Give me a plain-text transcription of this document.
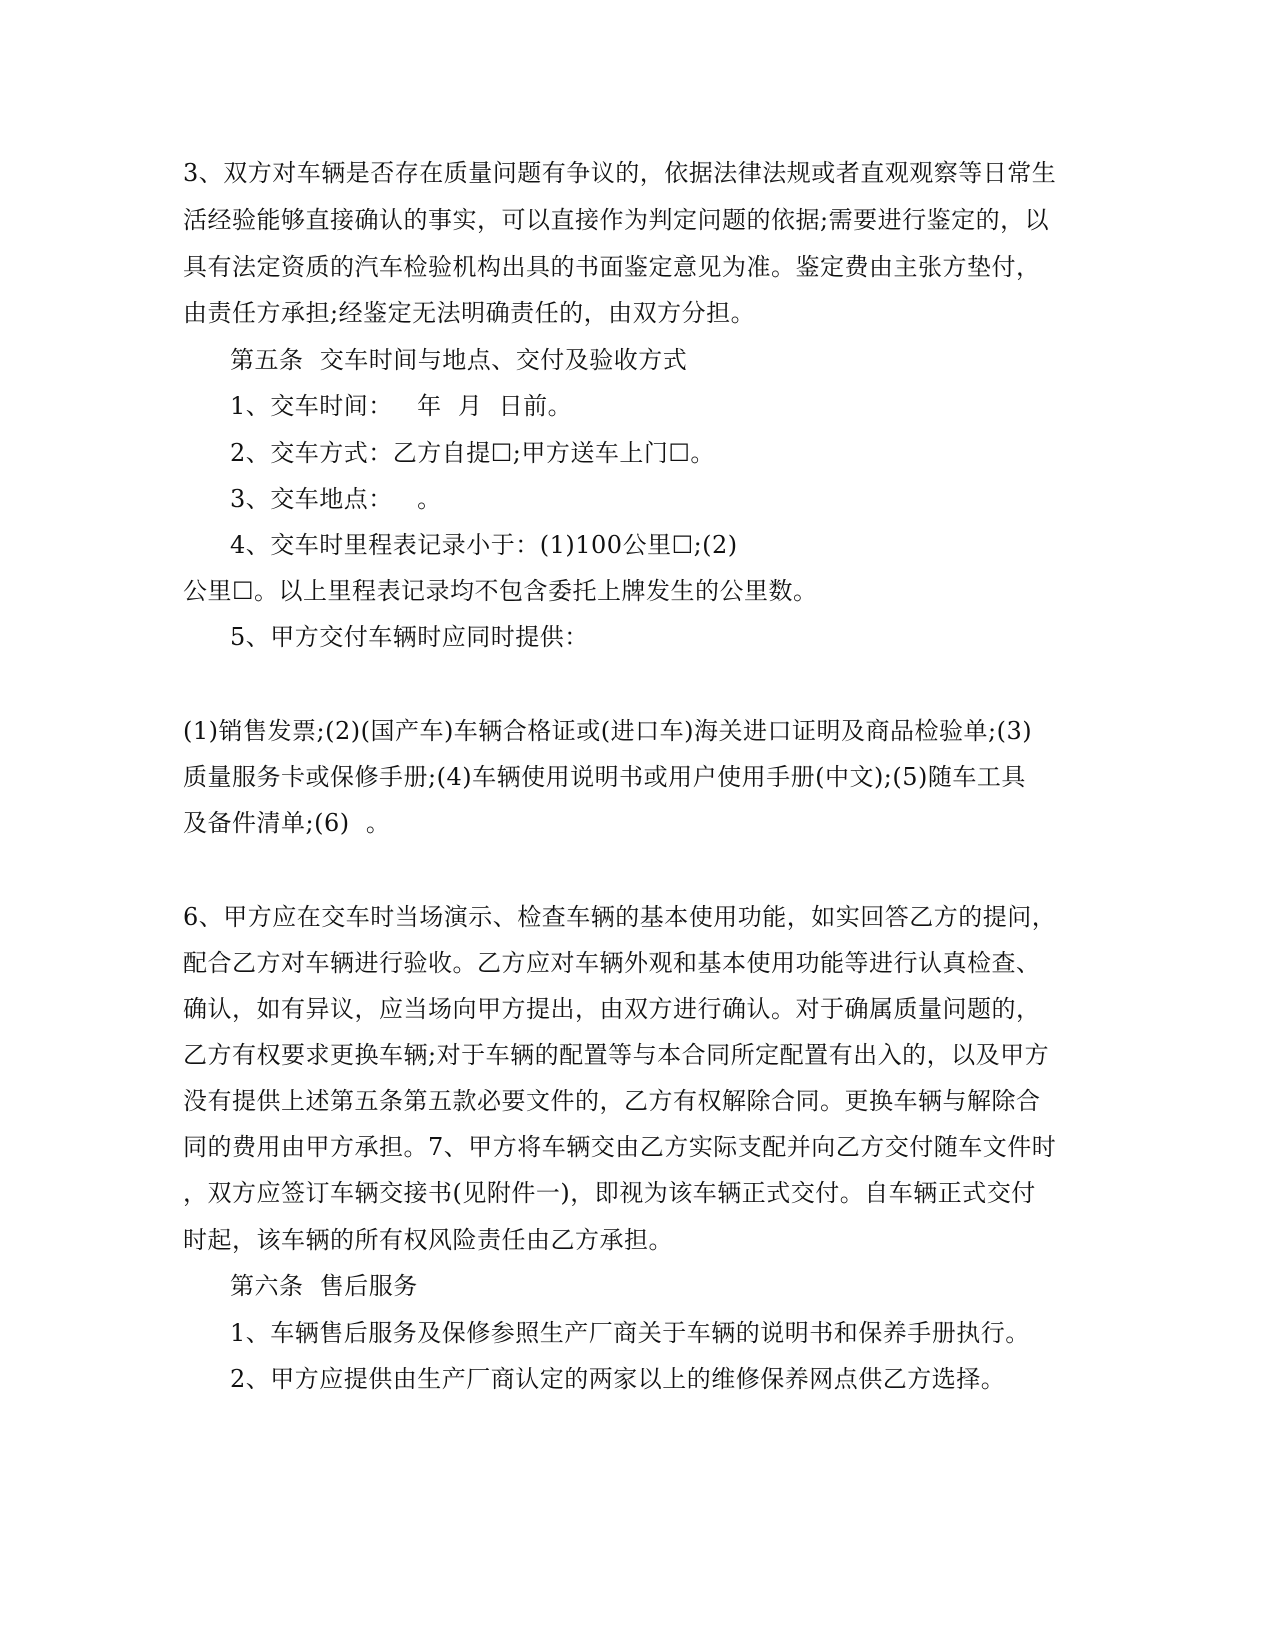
3、双方对车辆是否存在质量问题有争议的，依据法律法规或者直观观察等日常生
活经验能够直接确认的事实，可以直接作为判定问题的依据;需要进行鉴定的，以
具有法定资质的汽车检验机构出具的书面鉴定意见为准。鉴定费由主张方垫付，
由责任方承担;经鉴定无法明确责任的，由双方分担。
第五条  交车时间与地点、交付及验收方式
1、交车时间：   年  月  日前。
2、交车方式：乙方自提☐;甲方送车上门☐。
3、交车地点：   。
4、交车时里程表记录小于：(1)100公里☐;(2)
公里☐。以上里程表记录均不包含委托上牌发生的公里数。
5、甲方交付车辆时应同时提供：
(1)销售发票;(2)(国产车)车辆合格证或(进口车)海关进口证明及商品检验单;(3)
质量服务卡或保修手册;(4)车辆使用说明书或用户使用手册(中文);(5)随车工具
及备件清单;(6)  。
6、甲方应在交车时当场演示、检查车辆的基本使用功能，如实回答乙方的提问，
配合乙方对车辆进行验收。乙方应对车辆外观和基本使用功能等进行认真检查、
确认，如有异议，应当场向甲方提出，由双方进行确认。对于确属质量问题的，
乙方有权要求更换车辆;对于车辆的配置等与本合同所定配置有出入的，以及甲方
没有提供上述第五条第五款必要文件的，乙方有权解除合同。更换车辆与解除合
同的费用由甲方承担。7、甲方将车辆交由乙方实际支配并向乙方交付随车文件时
，双方应签订车辆交接书(见附件一)，即视为该车辆正式交付。自车辆正式交付
时起，该车辆的所有权风险责任由乙方承担。
第六条  售后服务
1、车辆售后服务及保修参照生产厂商关于车辆的说明书和保养手册执行。
2、甲方应提供由生产厂商认定的两家以上的维修保养网点供乙方选择。
